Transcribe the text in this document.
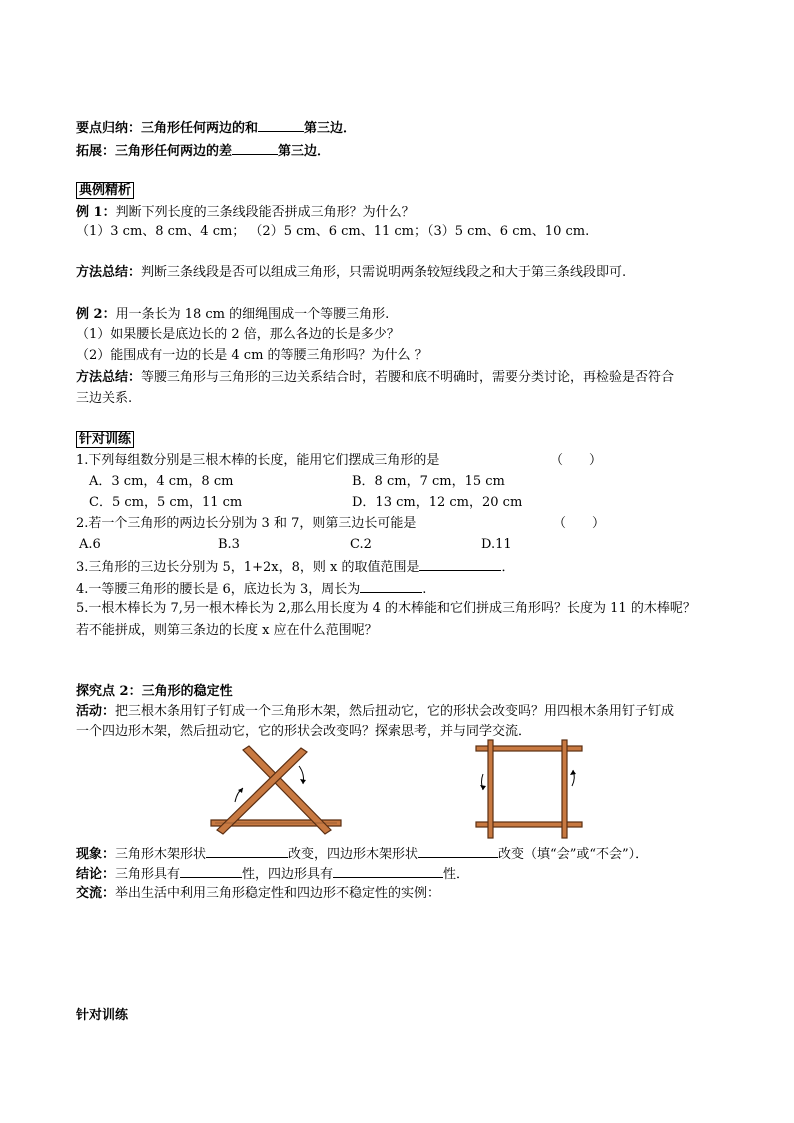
要点归纳：三角形任何两边的和	第三边．
拓展：三角形任何两边的差	第三边．
典例精析
例 1：判断下列长度的三条线段能否拼成三角形？为什么？
（1）3 cm、8 cm、4 cm； （2）5 cm、6 cm、11 cm；（3）5 cm、6 cm、10 cm.
方法总结：判断三条线段是否可以组成三角形，只需说明两条较短线段之和大于第三条线段即可.
例 2：用一条长为 18 cm 的细绳围成一个等腰三角形.
（1）如果腰长是底边长的 2 倍，那么各边的长是多少？
（2）能围成有一边的长是 4 cm 的等腰三角形吗？为什么 ？
方法总结：等腰三角形与三角形的三边关系结合时，若腰和底不明确时，需要分类讨论，再检验是否符合
三边关系.
针对训练
1.下列每组数分别是三根木棒的长度，能用它们摆成三角形的是	（　　）
A．3 cm，4 cm，8 cm	B．8 cm，7 cm，15 cm
C．5 cm，5 cm，11 cm	D．13 cm，12 cm，20 cm
2.若一个三角形的两边长分别为 3 和 7，则第三边长可能是	（　　）
A.6	B.3	C.2	D.11
3.三角形的三边长分别为 5，1+2x，8，则 x 的取值范围是	．
4.一等腰三角形的腰长是 6，底边长为 3，周长为	.
5.一根木棒长为 7,另一根木棒长为 2,那么用长度为 4 的木棒能和它们拼成三角形吗？长度为 11 的木棒呢？
若不能拼成，则第三条边的长度 x 应在什么范围呢？
探究点 2：三角形的稳定性
活动：把三根木条用钉子钉成一个三角形木架，然后扭动它，它的形状会改变吗？用四根木条用钉子钉成
一个四边形木架，然后扭动它，它的形状会改变吗？探索思考，并与同学交流．
现象：三角形木架形状	改变，四边形木架形状	改变（填“会”或“不会”）．
结论：三角形具有	性，四边形具有	性．
交流：举出生活中利用三角形稳定性和四边形不稳定性的实例：
针对训练
